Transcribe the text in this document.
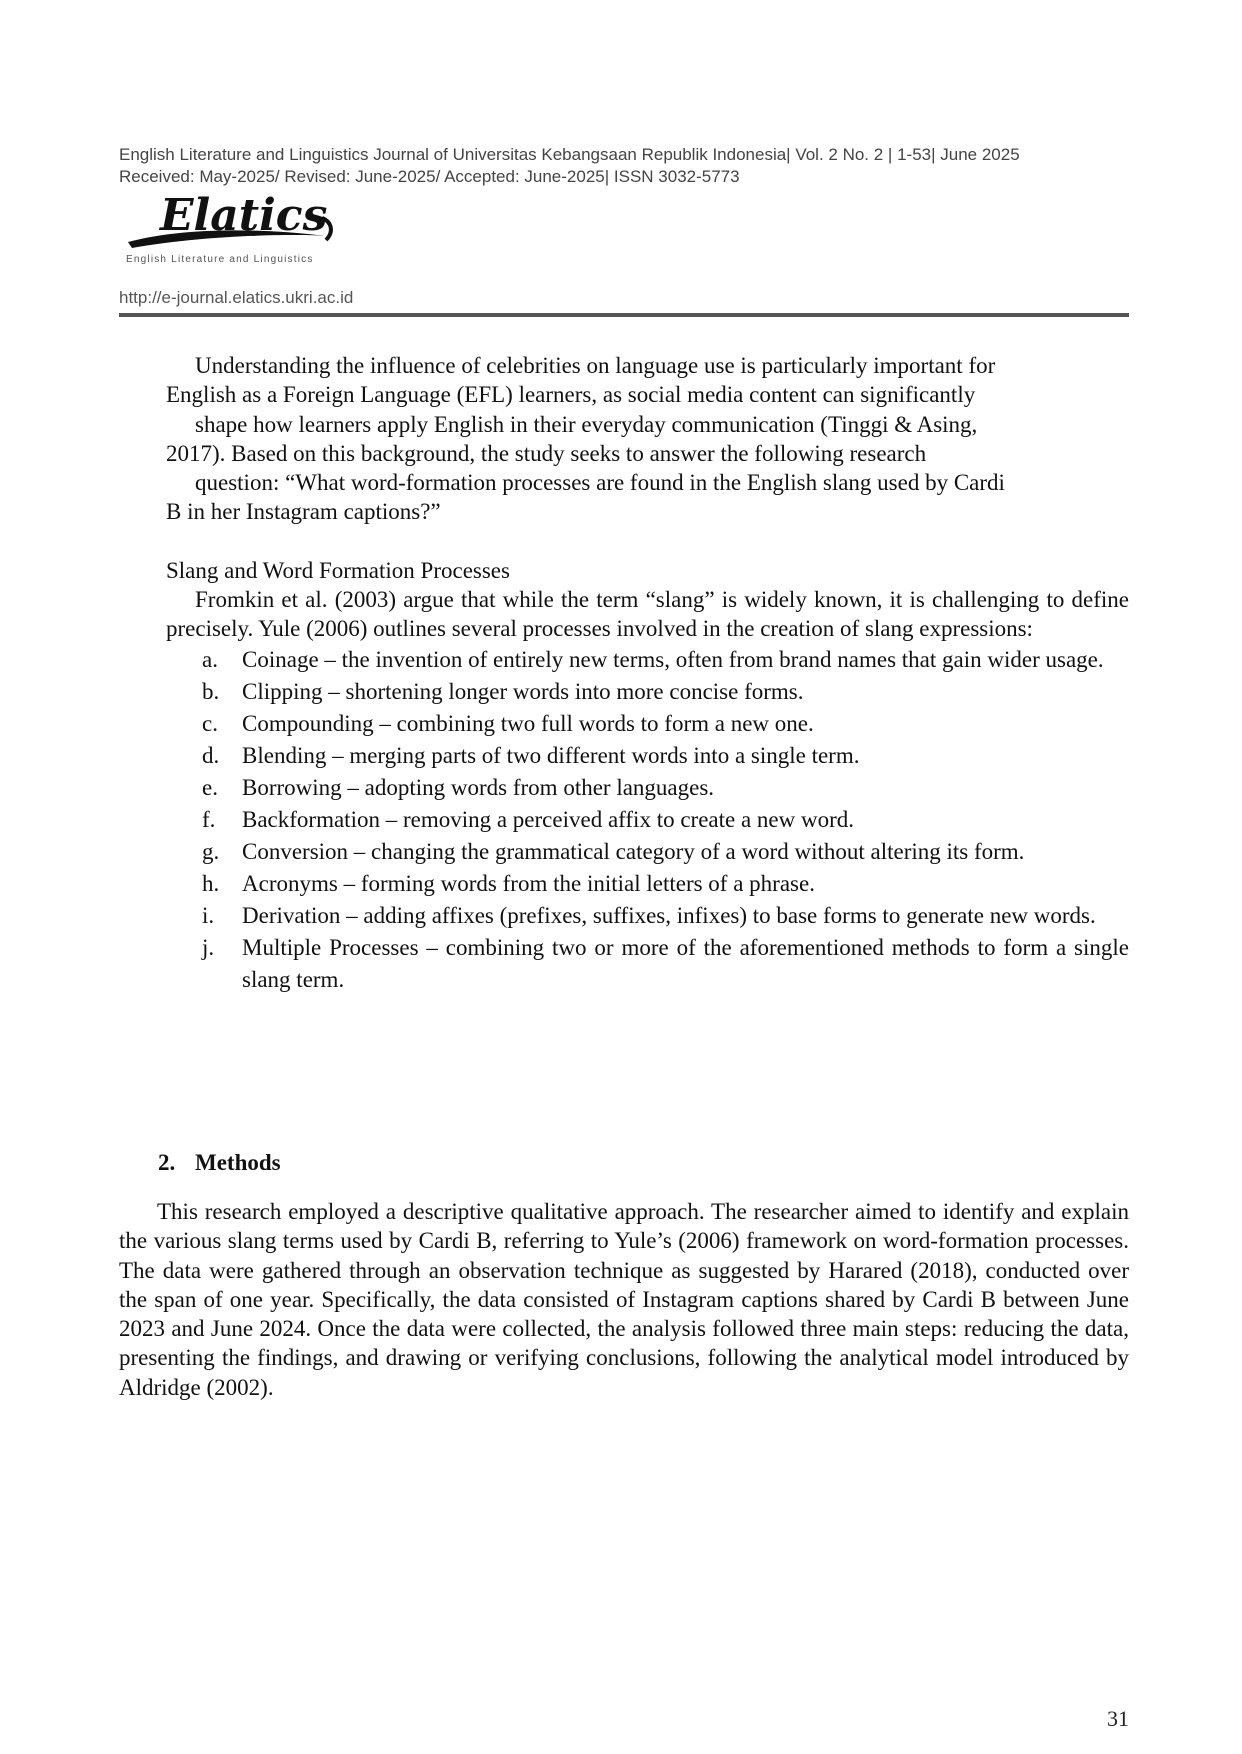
English Literature and Linguistics Journal of Universitas Kebangsaan Republik Indonesia| Vol. 2 No. 2 | 1-53| June 2025
Received: May-2025/ Revised: June-2025/ Accepted: June-2025| ISSN 3032-5773
Elatics
English Literature and Linguistics
http://e-journal.elatics.ukri.ac.id

Understanding the influence of celebrities on language use is particularly important for

English as a Foreign Language (EFL) learners, as social media content can significantly

shape how learners apply English in their everyday communication (Tinggi & Asing,

2017). Based on this background, the study seeks to answer the following research

question: “What word-formation processes are found in the English slang used by Cardi

B in her Instagram captions?”

Slang and Word Formation Processes

Fromkin et al. (2003) argue that while the term “slang” is widely known, it is challenging to define precisely. Yule (2006) outlines several processes involved in the creation of slang expressions:

a. Coinage – the invention of entirely new terms, often from brand names that gain wider usage.
b. Clipping – shortening longer words into more concise forms.
c. Compounding – combining two full words to form a new one.
d. Blending – merging parts of two different words into a single term.
e. Borrowing – adopting words from other languages.
f. Backformation – removing a perceived affix to create a new word.
g. Conversion – changing the grammatical category of a word without altering its form.
h. Acronyms – forming words from the initial letters of a phrase.
i. Derivation – adding affixes (prefixes, suffixes, infixes) to base forms to generate new words.
j. Multiple Processes – combining two or more of the aforementioned methods to form a single slang term.
2. Methods

This research employed a descriptive qualitative approach. The researcher aimed to identify and explain the various slang terms used by Cardi B, referring to Yule’s (2006) framework on word-formation processes. The data were gathered through an observation technique as suggested by Harared (2018), conducted over the span of one year. Specifically, the data consisted of Instagram captions shared by Cardi B between June 2023 and June 2024. Once the data were collected, the analysis followed three main steps: reducing the data, presenting the findings, and drawing or verifying conclusions, following the analytical model introduced by Aldridge (2002).

31
